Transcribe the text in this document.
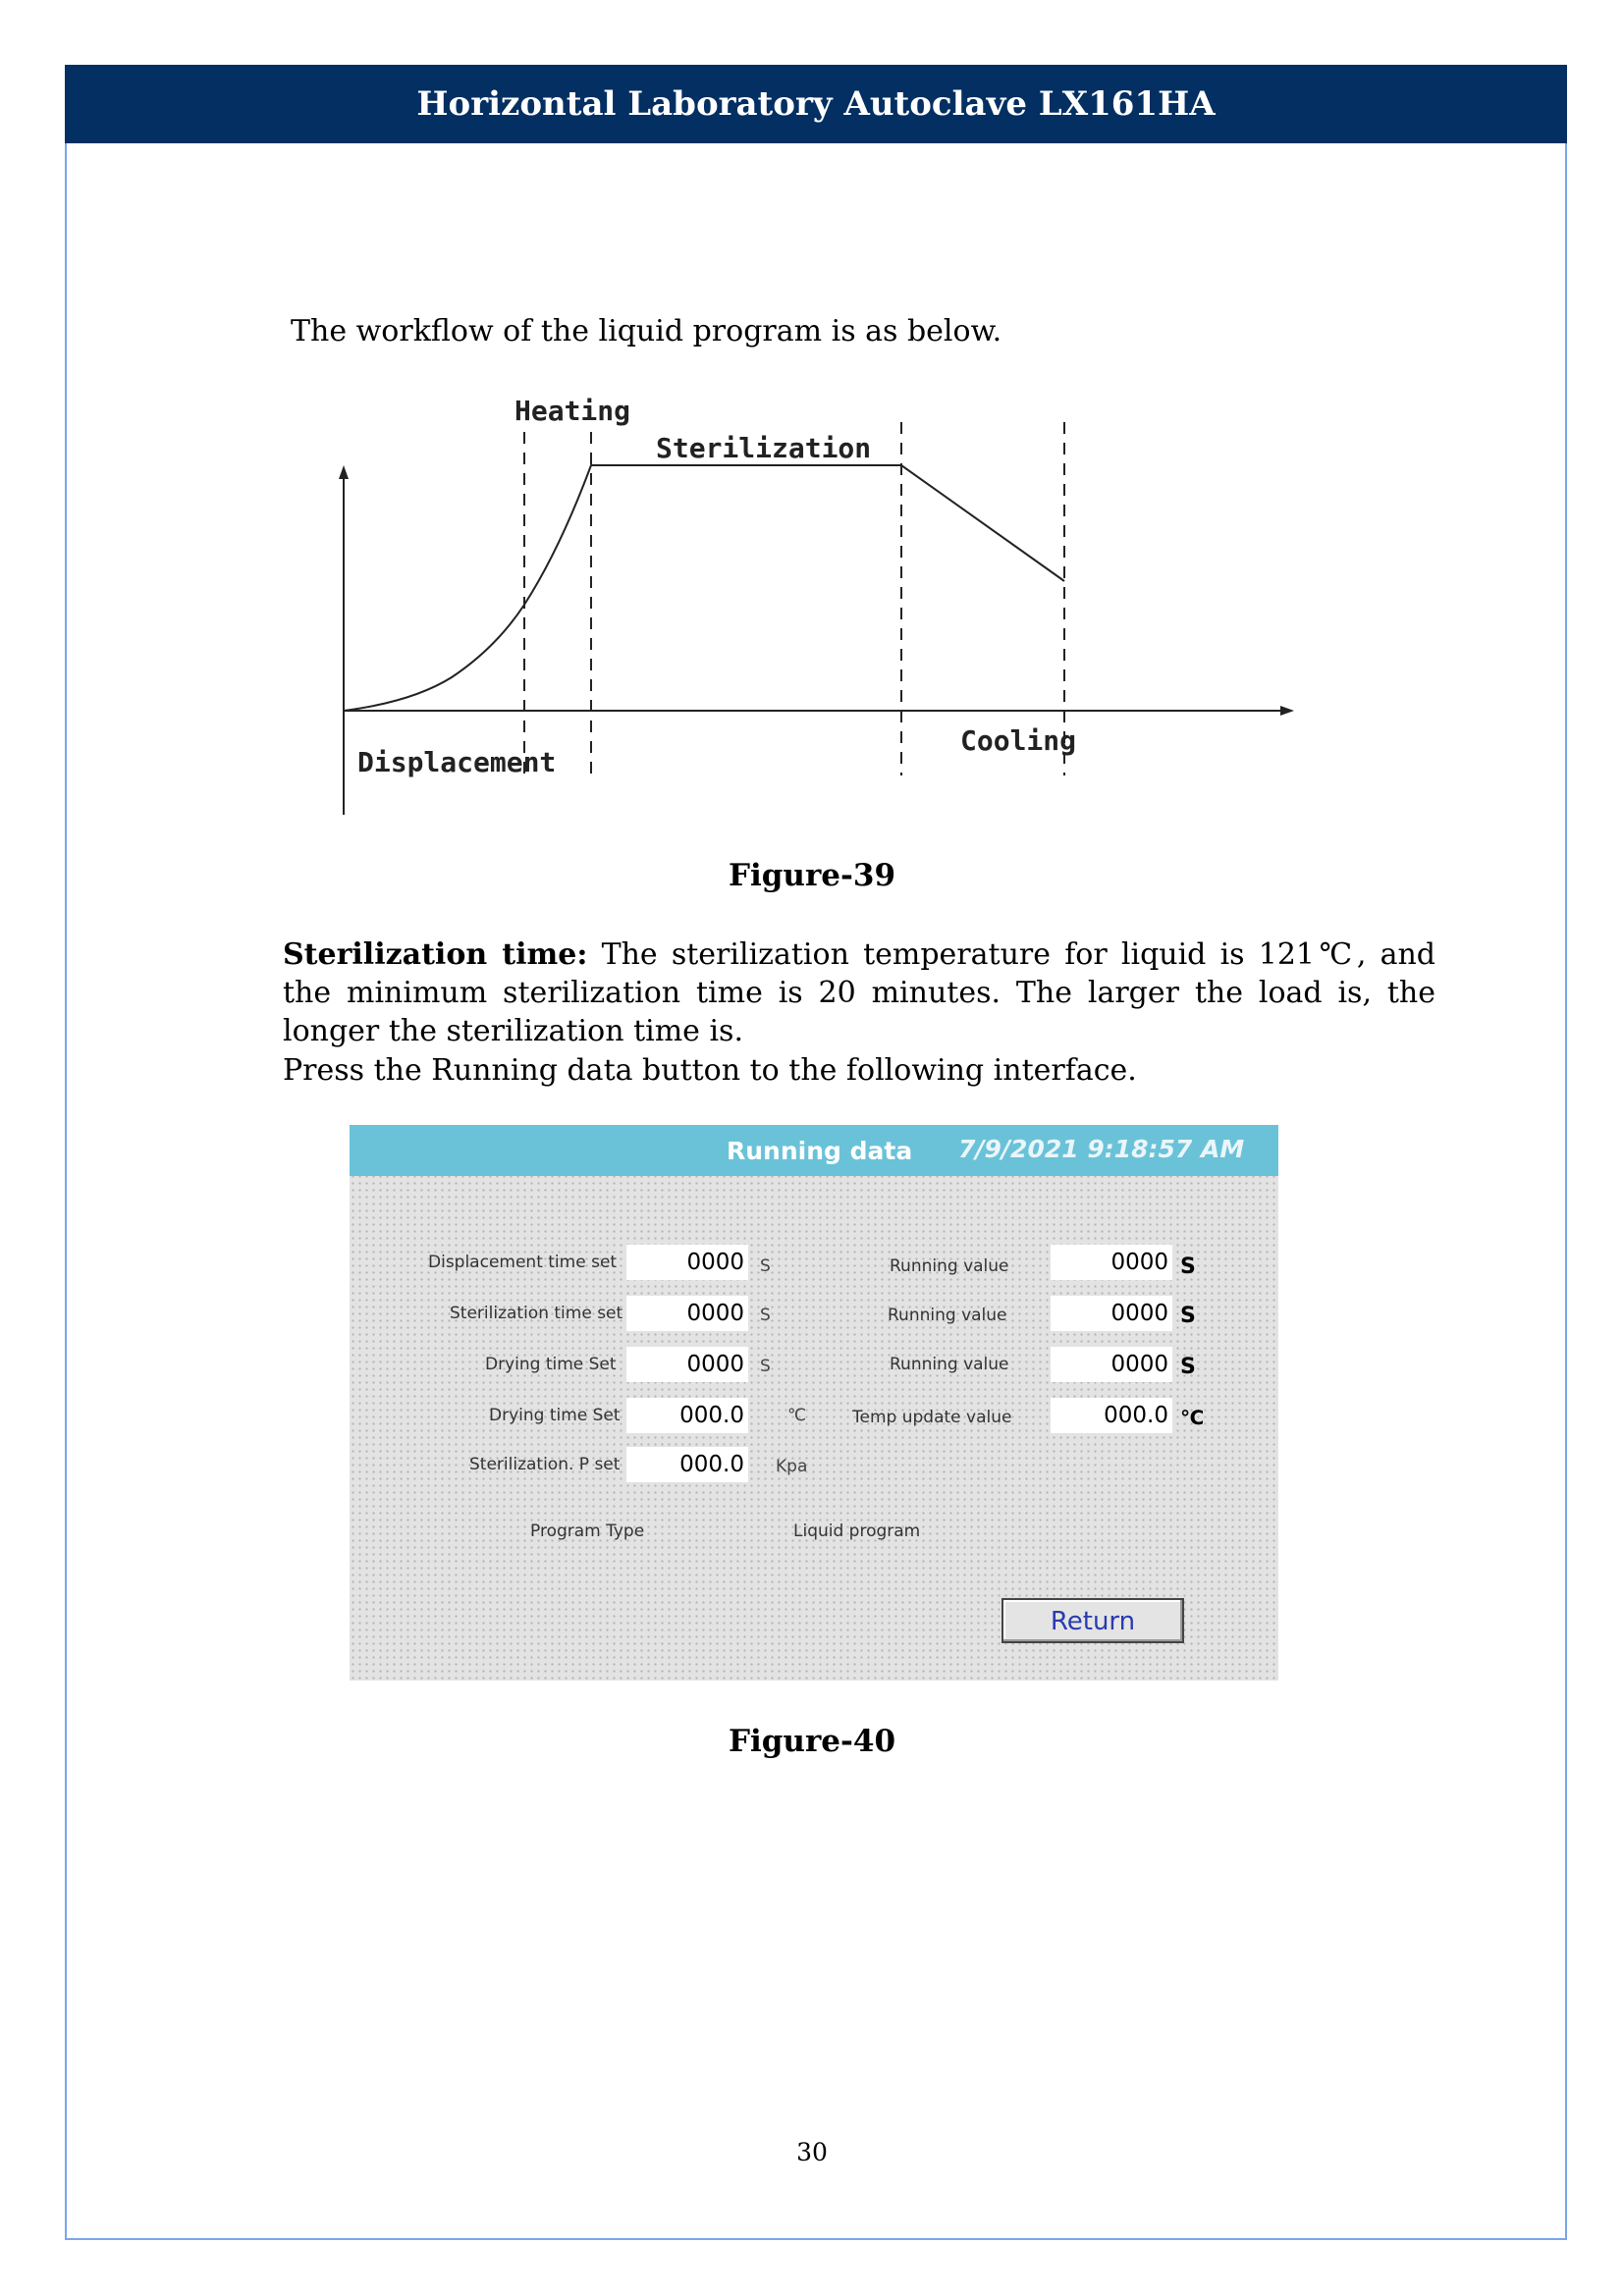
Horizontal Laboratory Autoclave LX161HA
The workflow of the liquid program is as below.
Heating
Sterilization
Displacement
Cooling
Figure-39
Sterilization time: The sterilization temperature for liquid is 121℃, and the minimum sterilization time is 20 minutes. The larger the load is, the longer the sterilization time is.
Press the Running data button to the following interface.
Running data 7/9/2021 9:18:57 AM
Displacement time set	0000 S	Running value	0000 S
Sterilization time set	0000 S	Running value	0000 S
Drying time Set	0000 S	Running value	0000 S
Drying time Set	000.0	℃	Temp update value	000.0 ℃
Sterilization. P set	000.0 Kpa
Program Type	Liquid program
Return
Figure-40
30
